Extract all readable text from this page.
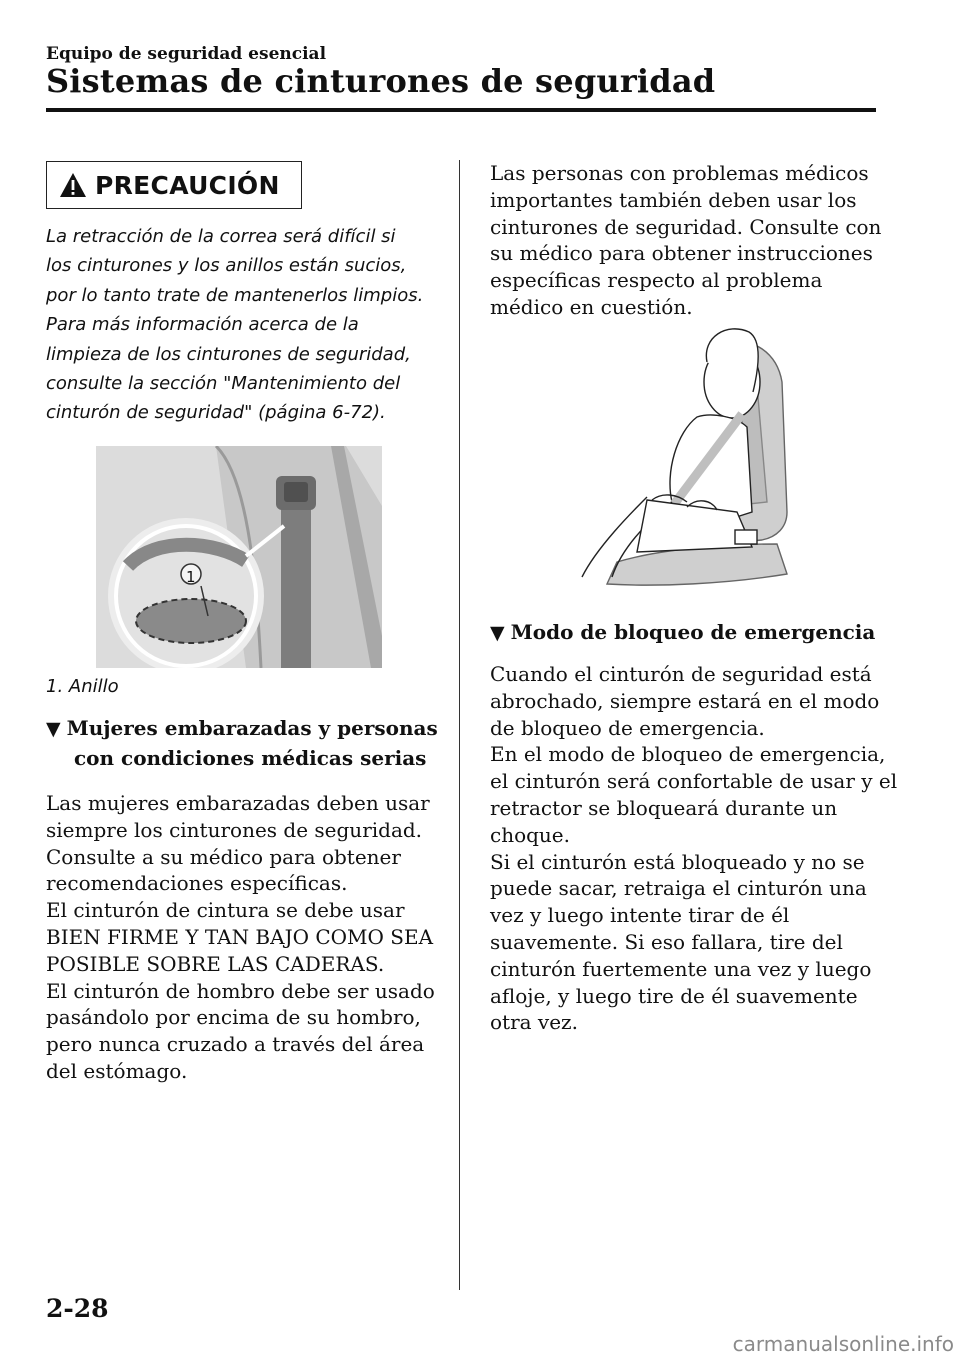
Equipo de seguridad esencial
Sistemas de cinturones de seguridad
PRECAUCIÓN
La retracción de la correa será difícil si los cinturones y los anillos están sucios, por lo tanto trate de mantenerlos limpios. Para más información acerca de la limpieza de los cinturones de seguridad, consulte la sección "Mantenimiento del cinturón de seguridad" (página 6-72).
1
1. Anillo
▼ Mujeres embarazadas y personas con condiciones médicas serias
Las mujeres embarazadas deben usar siempre los cinturones de seguridad. Consulte a su médico para obtener recomendaciones específicas.
El cinturón de cintura se debe usar BIEN FIRME Y TAN BAJO COMO SEA POSIBLE SOBRE LAS CADERAS.
El cinturón de hombro debe ser usado pasándolo por encima de su hombro, pero nunca cruzado a través del área del estómago.
Las personas con problemas médicos importantes también deben usar los cinturones de seguridad. Consulte con su médico para obtener instrucciones específicas respecto al problema médico en cuestión.
▼ Modo de bloqueo de emergencia
Cuando el cinturón de seguridad está abrochado, siempre estará en el modo de bloqueo de emergencia.
En el modo de bloqueo de emergencia, el cinturón será confortable de usar y el retractor se bloqueará durante un choque.
Si el cinturón está bloqueado y no se puede sacar, retraiga el cinturón una vez y luego intente tirar de él suavemente. Si eso fallara, tire del cinturón fuertemente una vez y luego afloje, y luego tire de él suavemente otra vez.
2-28
carmanualsonline.info
